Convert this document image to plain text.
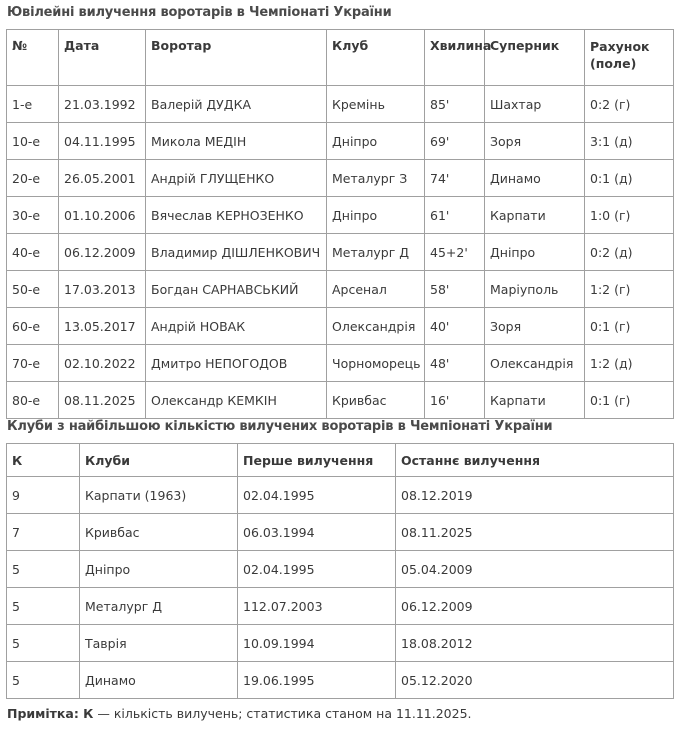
Ювілейні вилучення воротарів в Чемпіонаті України
№	Дата	Воротар	Клуб	Хвилина	Суперник	Рахунок (поле)
1-е	21.03.1992	Валерій ДУДКА	Кремінь	85'	Шахтар	0:2 (г)
10-е	04.11.1995	Микола МЕДІН	Дніпро	69'	Зоря	3:1 (д)
20-е	26.05.2001	Андрій ГЛУЩЕНКО	Металург З	74'	Динамо	0:1 (д)
30-е	01.10.2006	Вячеслав КЕРНОЗЕНКО	Дніпро	61'	Карпати	1:0 (г)
40-е	06.12.2009	Владимир ДІШЛЕНКОВИЧ	Металург Д	45+2'	Дніпро	0:2 (д)
50-е	17.03.2013	Богдан САРНАВСЬКИЙ	Арсенал	58'	Маріуполь	1:2 (г)
60-е	13.05.2017	Андрій НОВАК	Олександрія	40'	Зоря	0:1 (г)
70-е	02.10.2022	Дмитро НЕПОГОДОВ	Чорноморець	48'	Олександрія	1:2 (д)
80-е	08.11.2025	Олександр КЕМКІН	Кривбас	16'	Карпати	0:1 (г)
Клуби з найбільшою кількістю вилучених воротарів в Чемпіонаті України
К	Клуби	Перше вилучення	Останнє вилучення
9	Карпати (1963)	02.04.1995	08.12.2019
7	Кривбас	06.03.1994	08.11.2025
5	Дніпро	02.04.1995	05.04.2009
5	Металург Д	112.07.2003	06.12.2009
5	Таврія	10.09.1994	18.08.2012
5	Динамо	19.06.1995	05.12.2020

Примітка: К — кількість вилучень; статистика станом на 11.11.2025.
